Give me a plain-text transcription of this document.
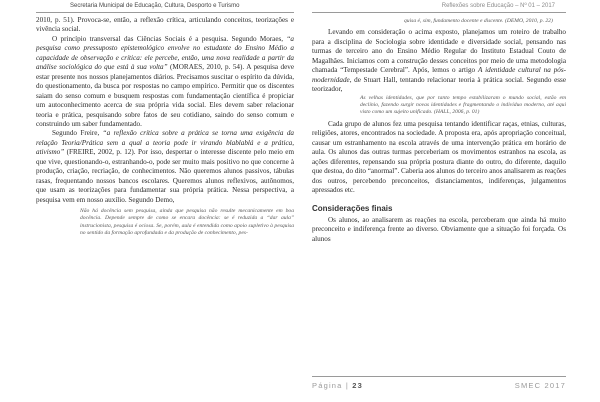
Secretaria Municipal de Educação, Cultura, Desporto e Turismo	Reflexões sobre Educação – Nº 01 – 2017

2010, p. 51). Provoca-se, então, a reflexão crítica, articulando conceitos, teorizações e vivência social.

O princípio transversal das Ciências Sociais é a pesquisa. Segundo Moraes, “a pesquisa como pressuposto epistemológico envolve no estudante do Ensino Médio a capacidade de observação e crítica: ele percebe, então, uma nova realidade a partir da análise sociológica do que está à sua volta” (MORAES, 2010, p. 54). A pesquisa deve estar presente nos nossos planejamentos diários. Precisamos suscitar o espírito da dúvida, do questionamento, da busca por respostas no campo empírico. Permitir que os discentes saiam do senso comum e busquem respostas com fundamentação científica é propiciar um autoconhecimento acerca de sua própria vida social. Eles devem saber relacionar teoria e prática, pesquisando sobre fatos de seu cotidiano, saindo do senso comum e construindo um saber fundamentado.

Segundo Freire, “a reflexão crítica sobre a prática se torna uma exigência da relação Teoria/Prática sem a qual a teoria pode ir virando blablablá e a prática, ativismo” (FREIRE, 2002, p. 12). Por isso, despertar o interesse discente pelo meio em que vive, questionando-o, estranhando-o, pode ser muito mais positivo no que concerne à produção, criação, recriação, de conhecimentos. Não queremos alunos passivos, tábulas rasas, frequentando nossos bancos escolares. Queremos alunos reflexivos, autônomos, que usam as teorizações para fundamentar sua própria prática. Nessa perspectiva, a pesquisa vem em nosso auxílio. Segundo Demo,

Não há docência sem pesquisa, ainda que pesquisa não resulte mecanicamente em boa docência. Depende sempre de como se encara docência: se é reduzida a “dar aula” instrucionista, pesquisa é ociosa. Se, porém, aula é entendida como apoio supletivo à pesquisa no sentido da formação aprofundada e da produção de conhecimento, pes-

quisa é, sim, fundamento docente e discente. (DEMO, 2010, p. 22)

Levando em consideração o acima exposto, planejamos um roteiro de trabalho para a disciplina de Sociologia sobre identidade e diversidade social, pensando nas turmas de terceiro ano do Ensino Médio Regular do Instituto Estadual Couto de Magalhães. Iniciamos com a construção desses conceitos por meio de uma metodologia chamada “Tempestade Cerebral”. Após, lemos o artigo A identidade cultural na pós-modernidade, de Stuart Hall, tentando relacionar teoria à prática social. Segundo esse teorizador,

As velhas identidades, que por tanto tempo estabilizaram o mundo social, estão em declínio, fazendo surgir novas identidades e fragmentando o indivíduo moderno, até aqui visto como um sujeito unificado. (HALL, 2006, p. 01)

Cada grupo de alunos fez uma pesquisa tentando identificar raças, etnias, culturas, religiões, atores, encontrados na sociedade. A proposta era, após apropriação conceitual, causar um estranhamento na escola através de uma intervenção prática em horário de aula. Os alunos das outras turmas perceberiam os movimentos estranhos na escola, as ações diferentes, repensando sua própria postura diante do outro, do diferente, daquilo que destoa, do dito “anormal”. Caberia aos alunos do terceiro anos analisarem as reações dos outros, percebendo preconceitos, distanciamentos, indiferenças, julgamentos apressados etc.

Considerações finais

Os alunos, ao analisarem as reações na escola, perceberam que ainda há muito preconceito e indiferença frente ao diverso. Obviamente que a situação foi forçada. Os alunos

Página | 23	SMEC 2017
